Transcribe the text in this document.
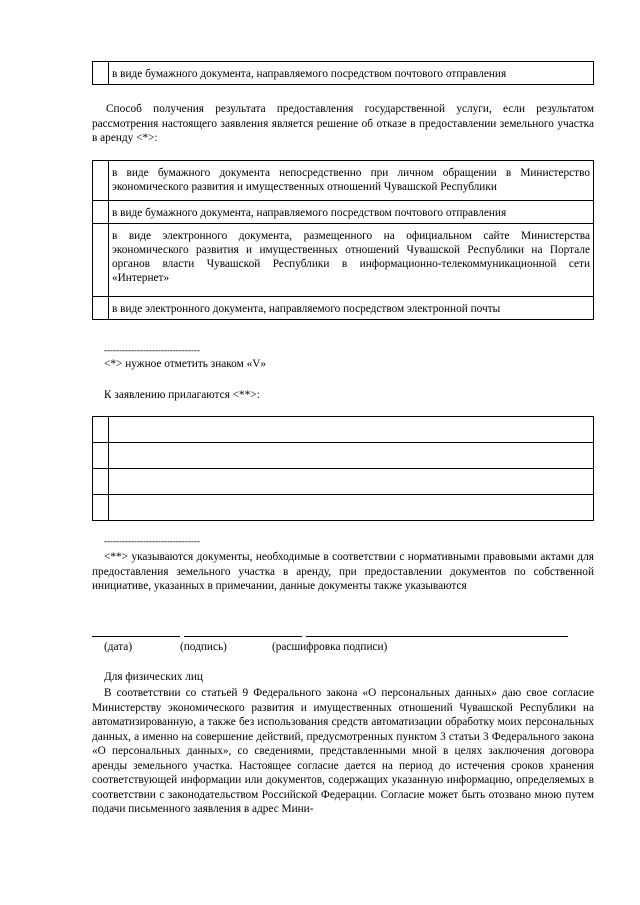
	в виде бумажного документа, направляемого посредством почтового отправления

Способ получения результата предоставления государственной услуги, если результатом рассмотрения настоящего заявления является решение об отказе в предоставлении земельного участка в аренду <*>:

	в виде бумажного документа непосредственно при личном обращении в Министерство экономического развития и имущественных отношений Чувашской Республики
	в виде бумажного документа, направляемого посредством почтового отправления
	в виде электронного документа, размещенного на официальном сайте Министерства экономического развития и имущественных отношений Чувашской Республики на Портале органов власти Чувашской Республики в информационно-телекоммуникационной сети «Интернет»
	в виде электронного документа, направляемого посредством электронной почты
--------------------------------

<*> нужное отметить знаком «V»

К заявлению прилагаются <**>:

--------------------------------

<**> указываются документы, необходимые в соответствии с нормативными правовыми актами для предоставления земельного участка в аренду, при предоставлении документов по собственной инициативе, указанных в примечании, данные документы также указываются

(дата)	(подпись)	(расшифровка подписи)

Для физических лиц

В соответствии со статьей 9 Федерального закона «О персональных данных» даю свое согласие Министерству экономического развития и имущественных отношений Чувашской Республики на автоматизированную, а также без использования средств автоматизации обработку моих персональных данных, а именно на совершение действий, предусмотренных пунктом 3 статьи 3 Федерального закона «О персональных данных», со сведениями, представленными мной в целях заключения договора аренды земельного участка. Настоящее согласие дается на период до истечения сроков хранения соответствующей информации или документов, содержащих указанную информацию, определяемых в соответствии с законодательством Российской Федерации. Согласие может быть отозвано мною путем подачи письменного заявления в адрес Мини-
